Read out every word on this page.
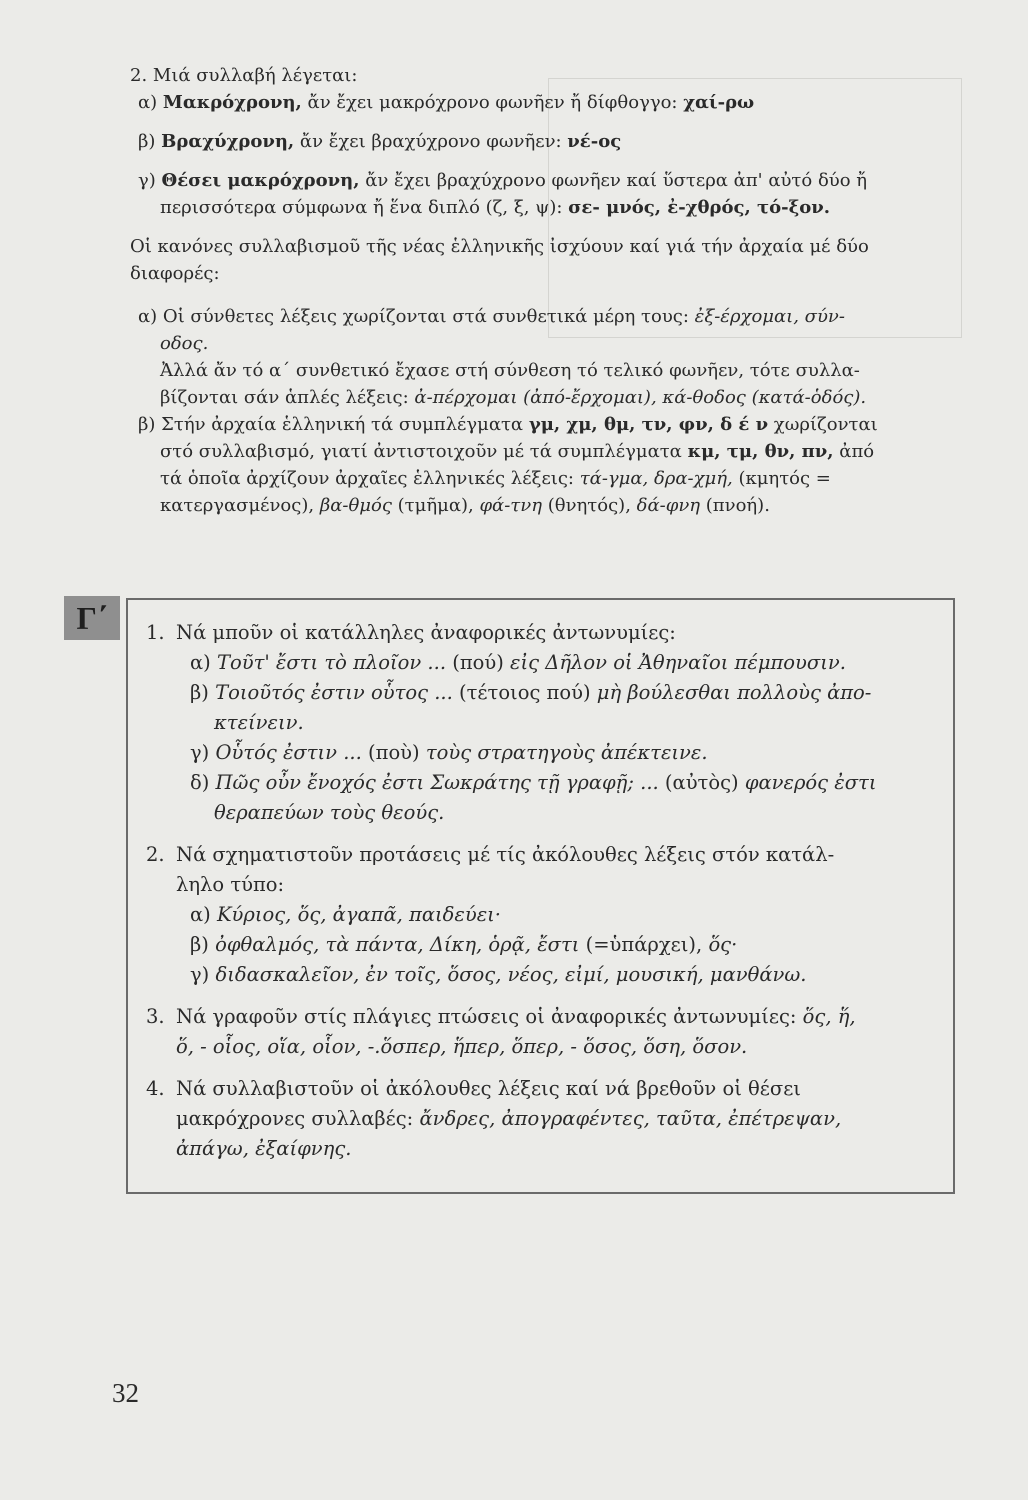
2. Μιά συλλαβή λέγεται:
α) Μακρόχρονη, ἄν ἔχει μακρόχρονο φωνῆεν ἤ δίφθογγο: χαί-ρω
β) Βραχύχρονη, ἄν ἔχει βραχύχρονο φωνῆεν: νέ-ος
γ) Θέσει μακρόχρονη, ἄν ἔχει βραχύχρονο φωνῆεν καί ὕστερα ἀπ' αὐτό δύο ἤ
περισσότερα σύμφωνα ἤ ἕνα διπλό (ζ, ξ, ψ): σε- μνός, ἐ-χθρός, τό-ξον.
Οἱ κανόνες συλλαβισμοῦ τῆς νέας ἑλληνικῆς ἰσχύουν καί γιά τήν ἀρχαία μέ δύο
διαφορές:
α) Οἱ σύνθετες λέξεις χωρίζονται στά συνθετικά μέρη τους: ἐξ-έρχομαι, σύν-
οδος.
Ἀλλά ἄν τό α΄ συνθετικό ἔχασε στή σύνθεση τό τελικό φωνῆεν, τότε συλλα-
βίζονται σάν ἁπλές λέξεις: ἀ-πέρχομαι (ἀπό-ἔρχομαι), κά-θοδος (κατά-ὁδός).
β) Στήν ἀρχαία ἑλληνική τά συμπλέγματα γμ, χμ, θμ, τν, φν, δ έ ν χωρίζονται
στό συλλαβισμό, γιατί ἀντιστοιχοῦν μέ τά συμπλέγματα κμ, τμ, θν, πν, ἀπό
τά ὁποῖα ἀρχίζουν ἀρχαῖες ἑλληνικές λέξεις: τά-γμα, δρα-χμή, (κμητός =
κατεργασμένος), βα-θμός (τμῆμα), φά-τνη (θνητός), δά-φνη (πνοή).
Γ΄	1. Νά μποῦν οἱ κατάλληλες ἀναφορικές ἀντωνυμίες:
α) Τοῦτ' ἔστι τὸ πλοῖον ... (πού) εἰς Δῆλον οἱ Ἀθηναῖοι πέμπουσιν.
β) Τοιοῦτός ἐστιν οὗτος ... (τέτοιος πού) μὴ βούλεσθαι πολλοὺς ἀπο-
κτείνειν.
γ) Οὗτός ἐστιν ... (ποὺ) τοὺς στρατηγοὺς ἀπέκτεινε.
δ) Πῶς οὖν ἔνοχός ἐστι Σωκράτης τῇ γραφῇ; ... (αὐτὸς) φανερός ἐστι
θεραπεύων τοὺς θεούς.
2. Νά σχηματιστοῦν προτάσεις μέ τίς ἀκόλουθες λέξεις στόν κατάλ-
ληλο τύπο:
α) Κύριος, ὅς, ἀγαπᾶ, παιδεύει·
β) ὀφθαλμός, τὰ πάντα, Δίκη, ὁρᾷ, ἔστι (=ὑπάρχει), ὅς·
γ) διδασκαλεῖον, ἐν τοῖς, ὅσος, νέος, εἰμί, μουσική, μανθάνω.
3. Νά γραφοῦν στίς πλάγιες πτώσεις οἱ ἀναφορικές ἀντωνυμίες: ὅς, ἥ,
ὅ, - οἷος, οἵα, οἷον, -.ὅσπερ, ἥπερ, ὅπερ, - ὅσος, ὅση, ὅσον.
4. Νά συλλαβιστοῦν οἱ ἀκόλουθες λέξεις καί νά βρεθοῦν οἱ θέσει
μακρόχρονες συλλαβές: ἄνδρες, ἀπογραφέντες, ταῦτα, ἐπέτρεψαν,
ἀπάγω, ἐξαίφνης.
32
